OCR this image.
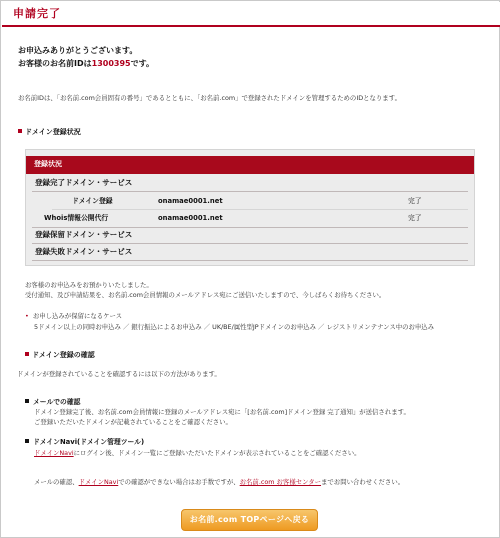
申請完了
お申込みありがとうございます。
お客様のお名前IDは1300395です。
お名前IDは、「お名前.com会員固有の番号」であるとともに、「お名前.com」で登録されたドメインを管理するためのIDとなります。
ドメイン登録状況
登録状況
登録完了ドメイン・サービス
ドメイン登録	onamae0001.net	完了
Whois情報公開代行	onamae0001.net	完了
登録保留ドメイン・サービス
登録失敗ドメイン・サービス
お客様のお申込みをお預かりいたしました。
受付通知、及び申請結果を、お名前.com会員情報のメールアドレス宛にご送信いたしますので、今しばらくお待ちください。
• お申し込みが保留になるケース
5ドメイン以上の同時お申込み ／ 銀行振込によるお申込み ／ UK/BE/属性型JPドメインのお申込み ／ レジストリメンテナンス中のお申込み
ドメイン登録の確認
ドメインが登録されていることを確認するには以下の方法があります。
メールでの確認
ドメイン登録完了後、お名前.com会員情報に登録のメールアドレス宛に「[お名前.com]ドメイン登録 完了通知」が送信されます。
ご登録いただいたドメインが記載されていることをご確認ください。
ドメインNavi(ドメイン管理ツール)
ドメインNaviにログイン後、ドメイン一覧にご登録いただいたドメインが表示されていることをご確認ください。
メールの確認、ドメインNaviでの確認ができない場合はお手数ですが、お名前.com お客様センターまでお問い合わせください。
お名前.com TOPページへ戻る
